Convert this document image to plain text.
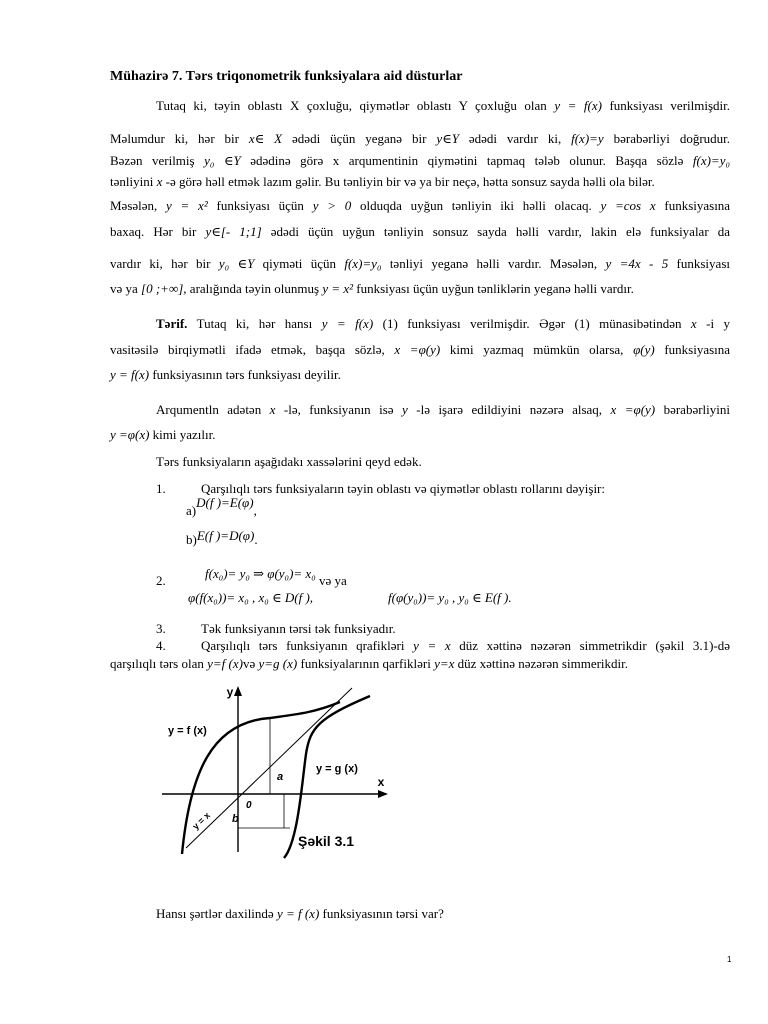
Mühazirə 7. Tərs triqonometrik funksiyalara aid düsturlar
Tutaq ki, təyin oblastı X çoxluğu, qiymətlər oblastı Y çoxluğu olan y = f(x) funksiyası verilmişdir.
Məlumdur ki, hər bir x∈ X ədədi üçün yeganə bir y∈Y ədədi vardır ki, f(x)=y bərabərliyi doğrudur.
Bəzən verilmiş y₀ ∈Y ədədinə görə x arqumentinin qiymətini tapmaq tələb olunur. Başqa sözlə f(x)=y₀
tənliyini x -ə görə həll etmək lazım gəlir. Bu tənliyin bir və ya bir neçə, hətta sonsuz sayda həlli ola bilər.
Məsələn, y = x² funksiyası üçün y > 0 olduqda uyğun tənliyin iki həlli olacaq. y =cos x funksiyasına
baxaq. Hər bir y∈[- 1;1] ədədi üçün uyğun tənliyin sonsuz sayda həlli vardır, lakin elə funksiyalar da
vardır ki, hər bir y₀ ∈Y qiyməti üçün f(x)=y₀ tənliyi yeganə həlli vardır. Məsələn, y =4x - 5 funksiyası
və ya [0 ;+∞], aralığında təyin olunmuş y = x² funksiyası üçün uyğun tənliklərin yeganə həlli vardır.
Tərif. Tutaq ki, hər hansı y = f(x) (1) funksiyası verilmişdir. Əgər (1) münasibətindən x -i y
vasitəsilə birqiymətli ifadə etmək, başqa sözlə, x =φ(y) kimi yazmaq mümkün olarsa, φ(y) funksiyasına
y = f(x) funksiyasının tərs funksiyası deyilir.
Arqumentln adətən x -lə, funksiyanın isə y -lə işarə edildiyini nəzərə alsaq, x =φ(y) bərabərliyini
y =φ(x) kimi yazılır.
Tərs funksiyaların aşağıdakı xassələrini qeyd edək.
1.	Qarşılıqlı tərs funksiyaların təyin oblastı və qiymətlər oblastı rollarını dəyişir:
a)D(f )=E(φ),
b)E(f )=D(φ).
2.	f(x₀)= y₀ ⇒ φ(y₀)= x₀ və ya
φ(f(x₀))= x₀ , x₀ ∈ D(f ),	f(φ(y₀))= y₀ , y₀ ∈ E(f ).
3.	Tək funksiyanın tərsi tək funksiyadır.
4.	Qarşılıqlı tərs funksiyanın qrafikləri y = x düz xəttinə nəzərən simmetrikdir (şəkil 3.1)-də
qarşılıqlı tərs olan y=f (x)və y=g (x) funksiyalarının qarfikləri y=x düz xəttinə nəzərən simmerikdir.
y
x
y = f (x)
y = g (x)
y = x
a
b
0
Şəkil 3.1
Hansı şərtlər daxilində y = f (x) funksiyasının tərsi var?
1
